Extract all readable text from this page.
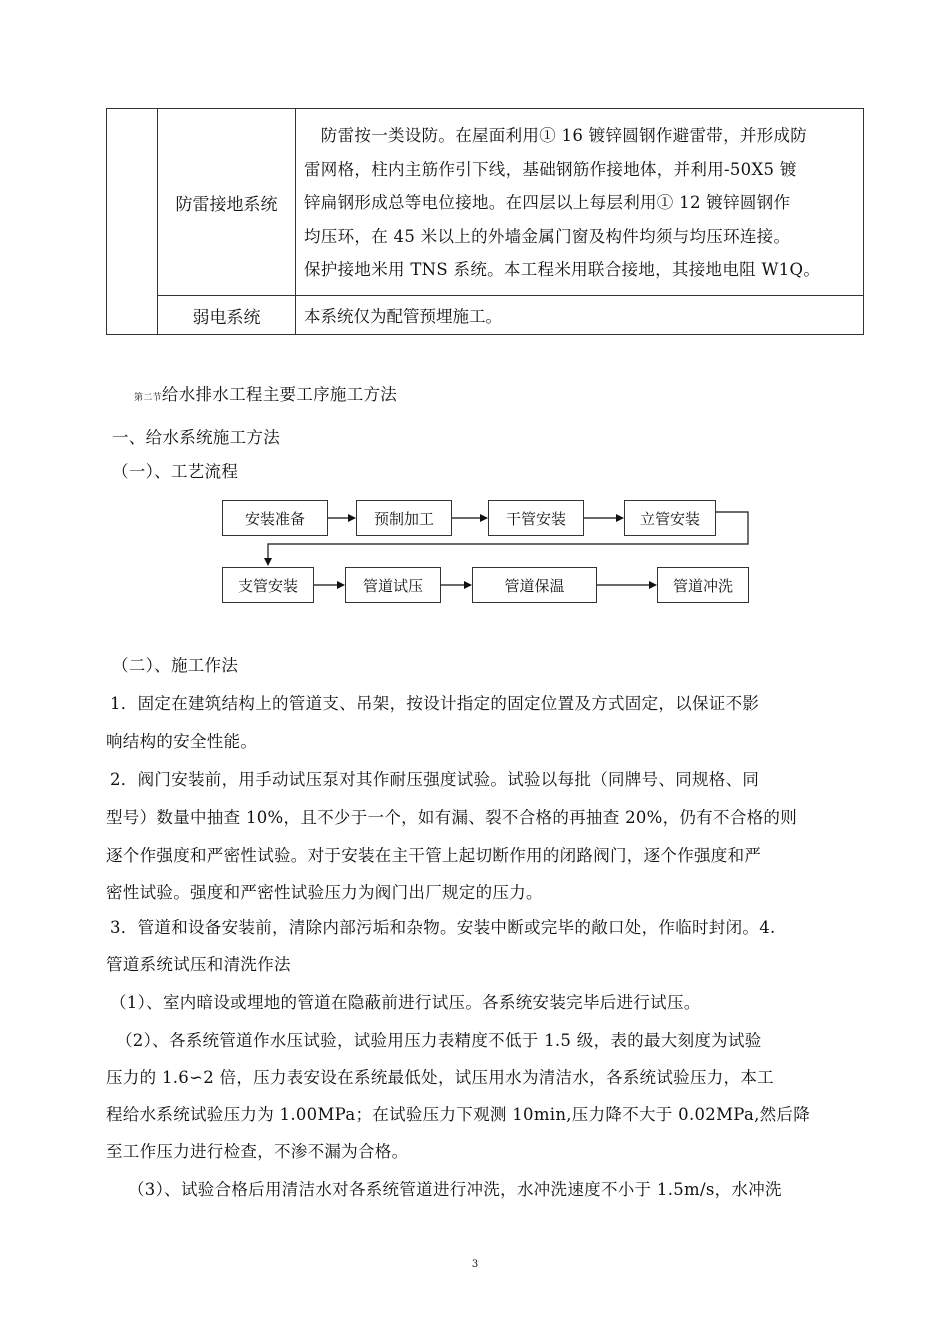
	防雷接地系统	　防雷按一类设防。在屋面利用① 16 镀锌圆钢作避雷带，并形成防
雷网格，柱内主筋作引下线，基础钢筋作接地体，并利用-50X5 镀
锌扁钢形成总等电位接地。在四层以上每层利用① 12 镀锌圆钢作
均压环，在 45 米以上的外墙金属门窗及构件均须与均压环连接。
保护接地米用 TNS 系统。本工程米用联合接地，其接地电阻 W1Q。

	弱电系统	本系统仅为配管预埋施工。
第二节给水排水工程主要工序施工方法
一、给水系统施工方法
（一）、工艺流程
安装准备	预制加工	干管安装	立管安装
支管安装	管道试压	管道保温	管道冲洗
（二）、施工作法
1．固定在建筑结构上的管道支、吊架，按设计指定的固定位置及方式固定，以保证不影
响结构的安全性能。
2．阀门安装前，用手动试压泵对其作耐压强度试验。试验以每批（同牌号、同规格、同
型号）数量中抽查 10%，且不少于一个，如有漏、裂不合格的再抽查 20%，仍有不合格的则
逐个作强度和严密性试验。对于安装在主干管上起切断作用的闭路阀门，逐个作强度和严
密性试验。强度和严密性试验压力为阀门出厂规定的压力。
3．管道和设备安装前，清除内部污垢和杂物。安装中断或完毕的敞口处，作临时封闭。4.
管道系统试压和清洗作法
（1）、室内暗设或埋地的管道在隐蔽前进行试压。各系统安装完毕后进行试压。
（2）、各系统管道作水压试验，试验用压力表精度不低于 1.5 级，表的最大刻度为试验
压力的 1.6∽2 倍，压力表安设在系统最低处，试压用水为清洁水，各系统试验压力，本工
程给水系统试验压力为 1.00MPa；在试验压力下观测 10min,压力降不大于 0.02MPa,然后降
至工作压力进行检查，不渗不漏为合格。
（3）、试验合格后用清洁水对各系统管道进行冲洗，水冲洗速度不小于 1.5m/s，水冲洗
3
